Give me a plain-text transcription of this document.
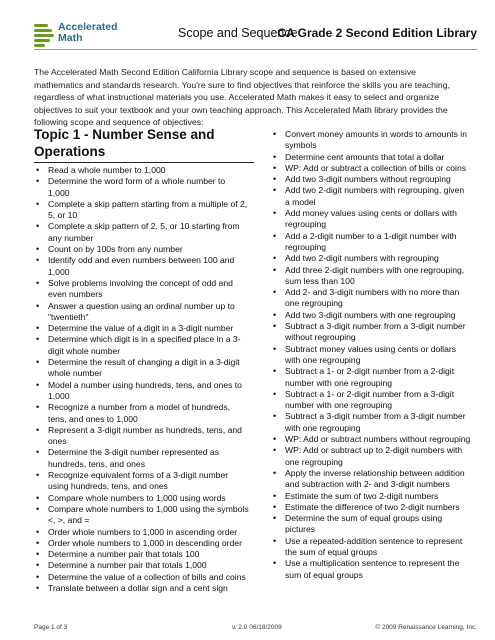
Accelerated
Math	Scope and Sequence
CA Grade 2 Second Edition Library

The Accelerated Math Second Edition California Library scope and sequence is based on extensive mathematics and standards research. You're sure to find objectives that reinforce the skills you are teaching, regardless of what instructional materials you use. Accelerated Math makes it easy to select and organize objectives to suit your textbook and your own teaching approach. This Accelerated Math library provides the following scope and sequence of objectives:

Topic 1 - Number Sense and Operations
• Read a whole number to 1,000
• Determine the word form of a whole number to 1,000
• Complete a skip pattern starting from a multiple of 2, 5, or 10
• Complete a skip pattern of 2, 5, or 10 starting from any number
• Count on by 100s from any number
• Identify odd and even numbers between 100 and 1,000
• Solve problems involving the concept of odd and even numbers
• Answer a question using an ordinal number up to "twentieth"
• Determine the value of a digit in a 3-digit number
• Determine which digit is in a specified place in a 3-digit whole number
• Determine the result of changing a digit in a 3-digit whole number
• Model a number using hundreds, tens, and ones to 1,000
• Recognize a number from a model of hundreds, tens, and ones to 1,000
• Represent a 3-digit number as hundreds, tens, and ones
• Determine the 3-digit number represented as hundreds, tens, and ones
• Recognize equivalent forms of a 3-digit number using hundreds, tens, and ones
• Compare whole numbers to 1,000 using words
• Compare whole numbers to 1,000 using the symbols <, >, and =
• Order whole numbers to 1,000 in ascending order
• Order whole numbers to 1,000 in descending order
• Determine a number pair that totals 100
• Determine a number pair that totals 1,000
• Determine the value of a collection of bills and coins
• Translate between a dollar sign and a cent sign
• Convert money amounts in words to amounts in symbols
• Determine cent amounts that total a dollar
• WP: Add or subtract a collection of bills or coins
• Add two 3-digit numbers without regrouping
• Add two 2-digit numbers with regrouping, given a model
• Add money values using cents or dollars with regrouping
• Add a 2-digit number to a 1-digit number with regrouping
• Add two 2-digit numbers with regrouping
• Add three 2-digit numbers with one regrouping, sum less than 100
• Add 2- and 3-digit numbers with no more than one regrouping
• Add two 3-digit numbers with one regrouping
• Subtract a 3-digit number from a 3-digit number without regrouping
• Subtract money values using cents or dollars with one regrouping
• Subtract a 1- or 2-digit number from a 2-digit number with one regrouping
• Subtract a 1- or 2-digit number from a 3-digit number with one regrouping
• Subtract a 3-digit number from a 3-digit number with one regrouping
• WP: Add or subtract numbers without regrouping
• WP: Add or subtract up to 2-digit numbers with one regrouping
• Apply the inverse relationship between addition and subtraction with 2- and 3-digit numbers
• Estimate the sum of two 2-digit numbers
• Estimate the difference of two 2-digit numbers
• Determine the sum of equal groups using pictures
• Use a repeated-addition sentence to represent the sum of equal groups
• Use a multiplication sentence to represent the sum of equal groups
Page 1 of 3	v. 2.0 06/18/2009	© 2009 Renaissance Learning, Inc.
